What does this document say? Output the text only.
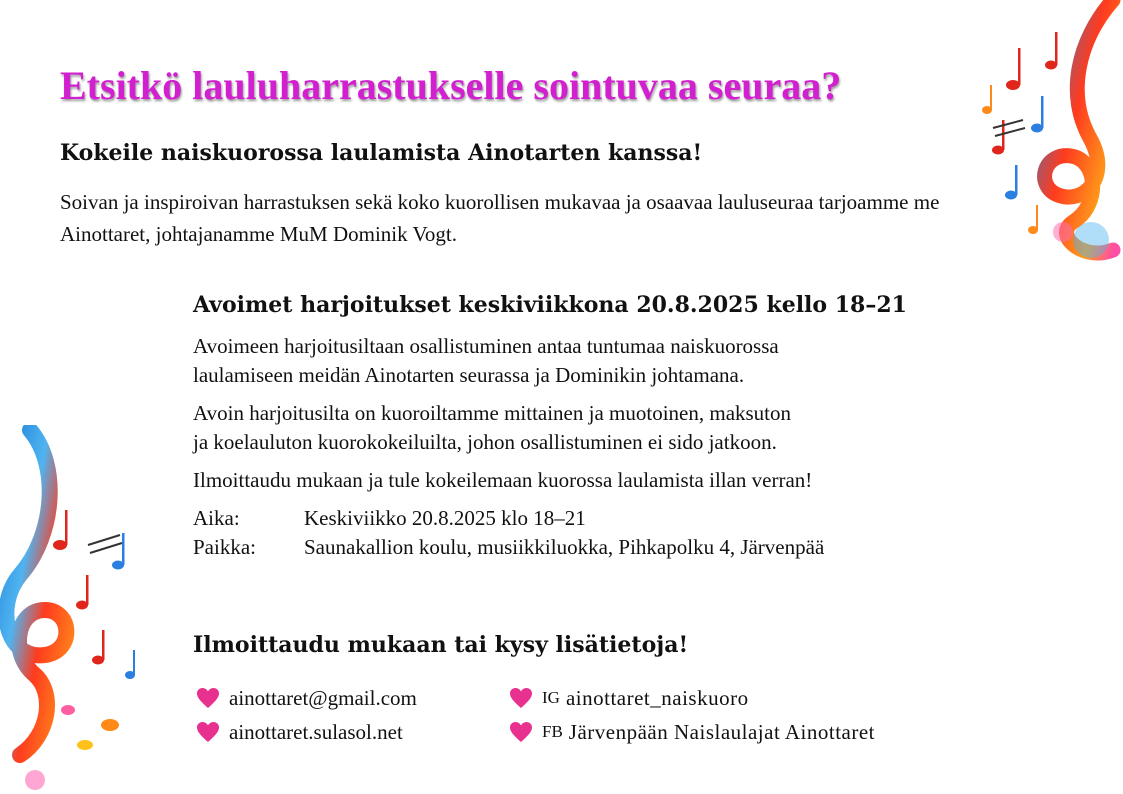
Etsitkö lauluharrastukselle sointuvaa seuraa?

Kokeile naiskuorossa laulamista Ainotarten kanssa!

Soivan ja inspiroivan harrastuksen sekä koko kuorollisen mukavaa ja osaavaa lauluseuraa tarjoamme me Ainottaret, johtajanamme MuM Dominik Vogt.

Avoimet harjoitukset keskiviikkona 20.8.2025 kello 18–21

Avoimeen harjoitusiltaan osallistuminen antaa tuntumaa naiskuorossa
laulamiseen meidän Ainotarten seurassa ja Dominikin johtamana.

Avoin harjoitusilta on kuoroiltamme mittainen ja muotoinen, maksuton
ja koelauluton kuorokokeiluilta, johon osallistuminen ei sido jatkoon.

Ilmoittaudu mukaan ja tule kokeilemaan kuorossa laulamista illan verran!

Aika:	Keskiviikko 20.8.2025 klo 18–21
Paikka:	Saunakallion koulu, musiikkiluokka, Pihkapolku 4, Järvenpää

Ilmoittaudu mukaan tai kysy lisätietoja!

ainottaret@gmail.com	IG ainottaret_naiskuoro
ainottaret.sulasol.net	FB Järvenpään Naislaulajat Ainottaret
